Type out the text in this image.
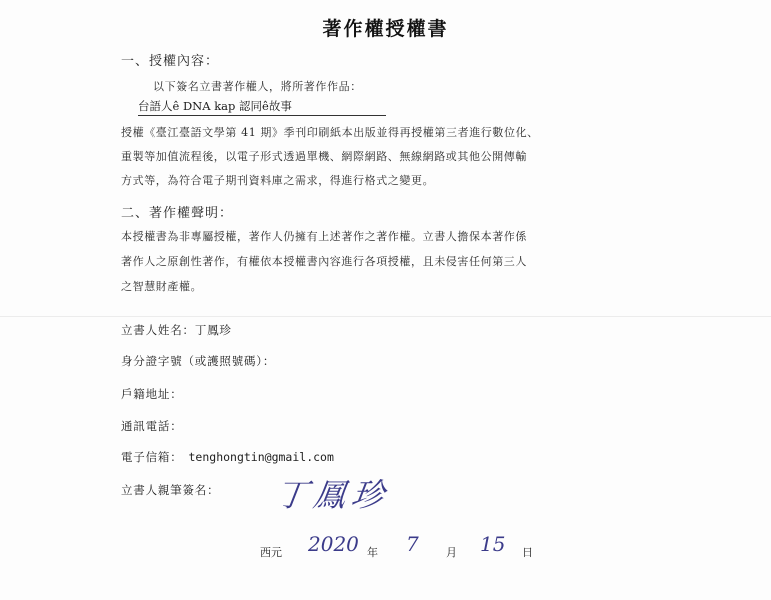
著作權授權書
一、授權內容：
以下簽名立書著作權人，將所著作作品：
台語人ê DNA kap 認同ê故事
授權《臺江臺語文學第 41 期》季刊印刷紙本出版並得再授權第三者進行數位化、
重製等加值流程後，以電子形式透過單機、網際網路、無線網路或其他公開傳輸
方式等，為符合電子期刊資料庫之需求，得進行格式之變更。
二、著作權聲明：
本授權書為非專屬授權，著作人仍擁有上述著作之著作權。立書人擔保本著作係
著作人之原創性著作，有權依本授權書內容進行各項授權，且未侵害任何第三人
之智慧財產權。
立書人姓名：丁鳳珍
身分證字號（或護照號碼）：
戶籍地址：
通訊電話：
電子信箱： tenghongtin@gmail.com
立書人親筆簽名： 丁鳳珍
西元 2020 年 7 月 15 日
